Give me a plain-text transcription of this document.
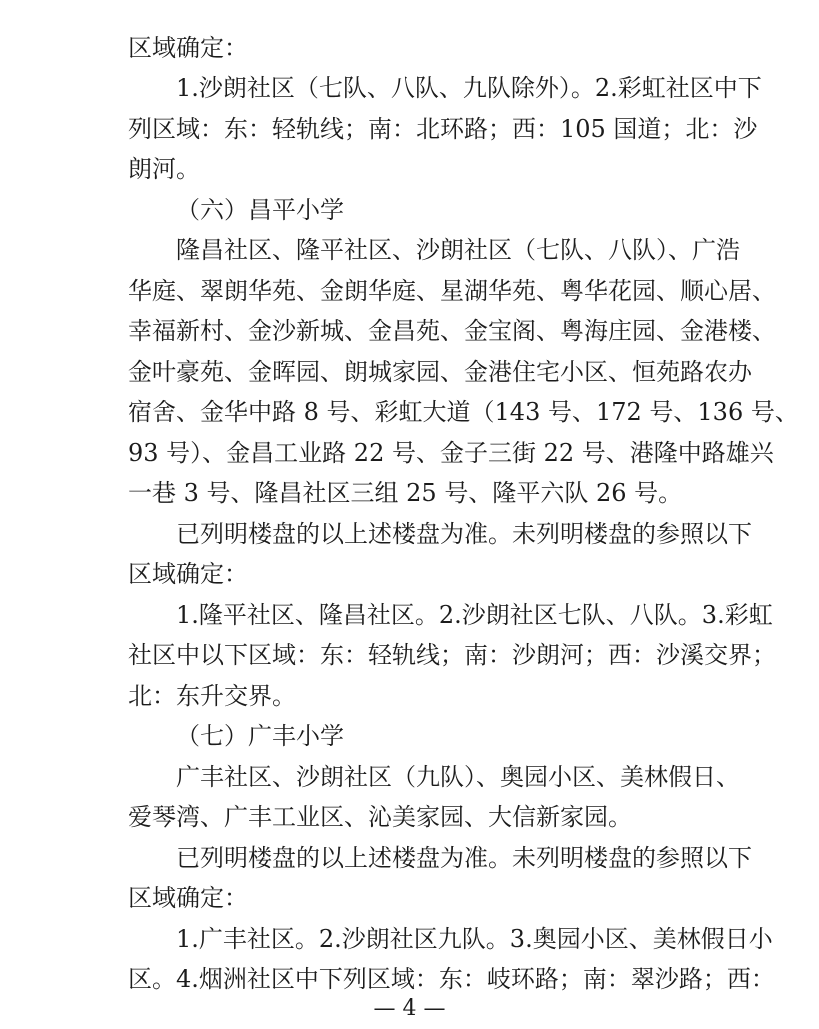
区域确定：
1.沙朗社区（七队、八队、九队除外）。2.彩虹社区中下
列区域：东：轻轨线；南：北环路；西：105 国道；北：沙
朗河。
（六）昌平小学
隆昌社区、隆平社区、沙朗社区（七队、八队）、广浩
华庭、翠朗华苑、金朗华庭、星湖华苑、粤华花园、顺心居、
幸福新村、金沙新城、金昌苑、金宝阁、粤海庄园、金港楼、
金叶豪苑、金晖园、朗城家园、金港住宅小区、恒苑路农办
宿舍、金华中路 8 号、彩虹大道（143 号、172 号、136 号、
93 号）、金昌工业路 22 号、金子三街 22 号、港隆中路雄兴
一巷 3 号、隆昌社区三组 25 号、隆平六队 26 号。
已列明楼盘的以上述楼盘为准。未列明楼盘的参照以下
区域确定：
1.隆平社区、隆昌社区。2.沙朗社区七队、八队。3.彩虹
社区中以下区域：东：轻轨线；南：沙朗河；西：沙溪交界；
北：东升交界。
（七）广丰小学
广丰社区、沙朗社区（九队）、奥园小区、美林假日、
爱琴湾、广丰工业区、沁美家园、大信新家园。
已列明楼盘的以上述楼盘为准。未列明楼盘的参照以下
区域确定：
1.广丰社区。2.沙朗社区九队。3.奥园小区、美林假日小
区。4.烟洲社区中下列区域：东：岐环路；南：翠沙路；西：
— 4 —
